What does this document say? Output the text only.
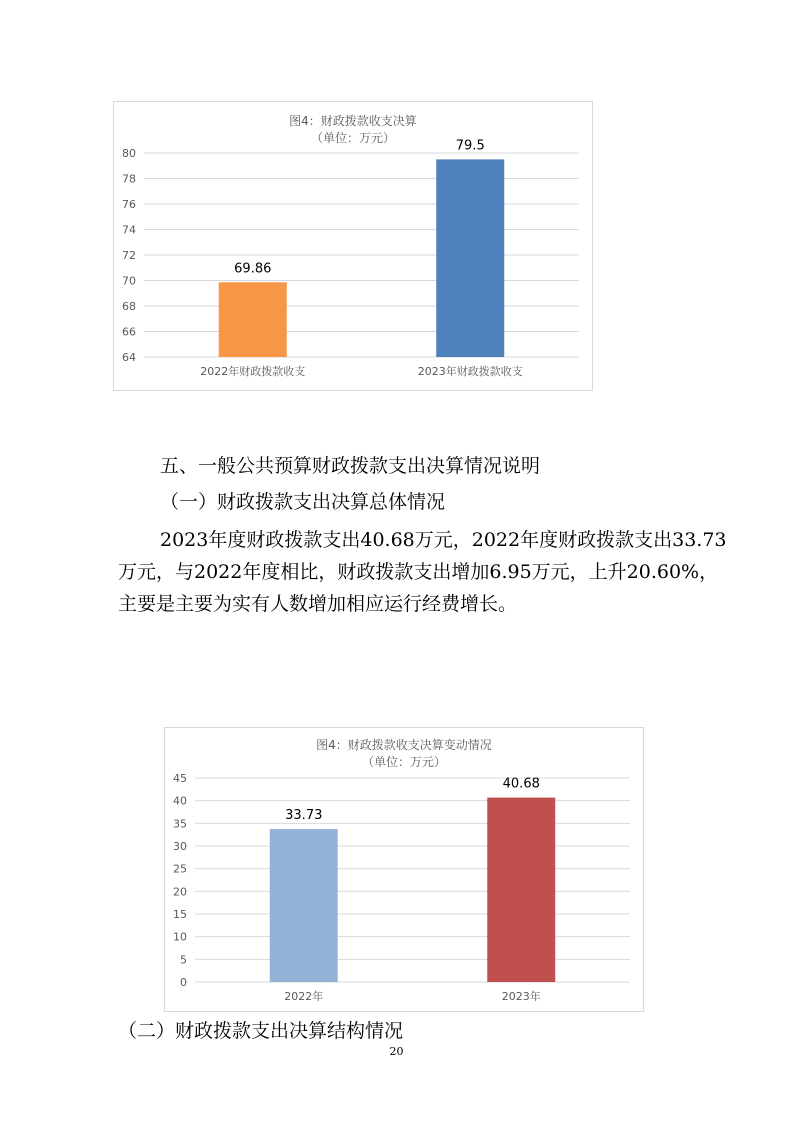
图4：财政拨款收支决算
（单位：万元）
64
66
68
70
72
74
76
78
80
69.86
2022年财政拨款收支
79.5
2023年财政拨款收支
五、一般公共预算财政拨款支出决算情况说明
（一）财政拨款支出决算总体情况
2023年度财政拨款支出40.68万元，2022年度财政拨款支出33.73万元，与2022年度相比，财政拨款支出增加6.95万元，上升20.60%，主要是主要为实有人数增加相应运行经费增长。
图4：财政拨款收支决算变动情况
（单位：万元）
0
5
10
15
20
25
30
35
40
45
33.73
2022年
40.68
2023年
（二）财政拨款支出决算结构情况
20
